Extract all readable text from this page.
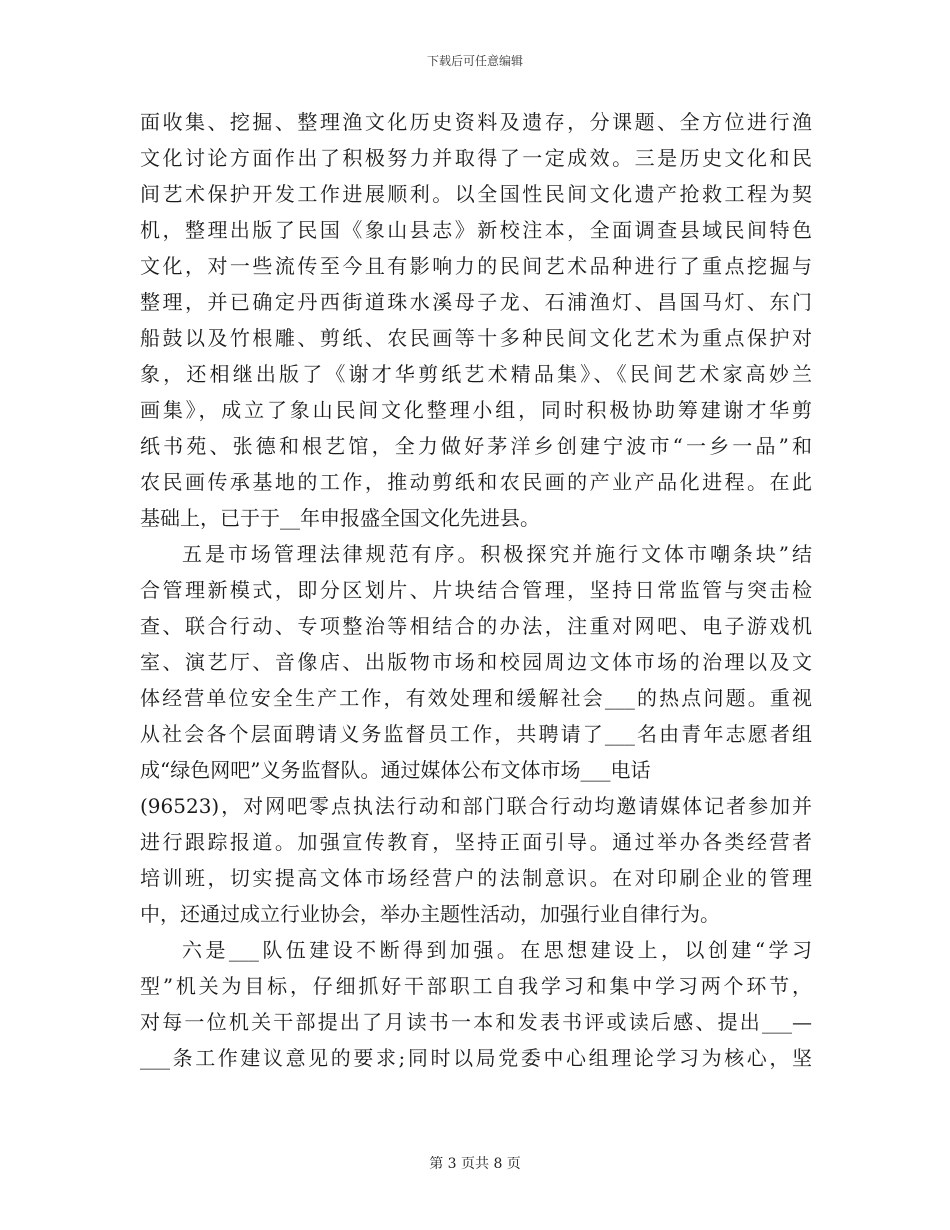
下载后可任意编辑
面收集、挖掘、整理渔文化历史资料及遗存，分课题、全方位进行渔
文化讨论方面作出了积极努力并取得了一定成效。三是历史文化和民
间艺术保护开发工作进展顺利。以全国性民间文化遗产抢救工程为契
机，整理出版了民国《象山县志》新校注本，全面调查县域民间特色
文化，对一些流传至今且有影响力的民间艺术品种进行了重点挖掘与
整理，并已确定丹西街道珠水溪母子龙、石浦渔灯、昌国马灯、东门
船鼓以及竹根雕、剪纸、农民画等十多种民间文化艺术为重点保护对
象，还相继出版了《谢才华剪纸艺术精品集》、《民间艺术家高妙兰
画集》，成立了象山民间文化整理小组，同时积极协助筹建谢才华剪
纸书苑、张德和根艺馆，全力做好茅洋乡创建宁波市“一乡一品”和
农民画传承基地的工作，推动剪纸和农民画的产业产品化进程。在此
基础上，已于于__年申报盛全国文化先进县。
五是市场管理法律规范有序。积极探究并施行文体市嘲条块”结
合管理新模式，即分区划片、片块结合管理，坚持日常监管与突击检
查、联合行动、专项整治等相结合的办法，注重对网吧、电子游戏机
室、演艺厅、音像店、出版物市场和校园周边文体市场的治理以及文
体经营单位安全生产工作，有效处理和缓解社会___的热点问题。重视
从社会各个层面聘请义务监督员工作，共聘请了___名由青年志愿者组
成“绿色网吧”义务监督队。通过媒体公布文体市场___电话
(96523)，对网吧零点执法行动和部门联合行动均邀请媒体记者参加并
进行跟踪报道。加强宣传教育，坚持正面引导。通过举办各类经营者
培训班，切实提高文体市场经营户的法制意识。在对印刷企业的管理
中，还通过成立行业协会，举办主题性活动，加强行业自律行为。
六是___队伍建设不断得到加强。在思想建设上，以创建“学习
型”机关为目标，仔细抓好干部职工自我学习和集中学习两个环节，
对每一位机关干部提出了月读书一本和发表书评或读后感、提出___—
___条工作建议意见的要求;同时以局党委中心组理论学习为核心，坚
第 3 页共 8 页
